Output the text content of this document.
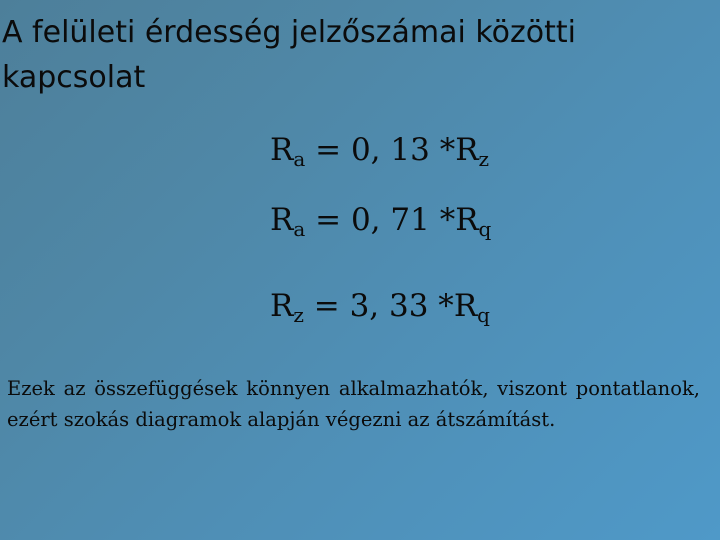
A felületi érdesség jelzőszámai közötti kapcsolat
$R_a = 0$, 13 $*R_z$
$R_a = 0$, 71 $*R_q$
$R_z = 3$, 33 $*R_q$
Ezek az összefüggések könnyen alkalmazhatók, viszont pontatlanok, ezért szokás diagramok alapján végezni az átszámítást.
